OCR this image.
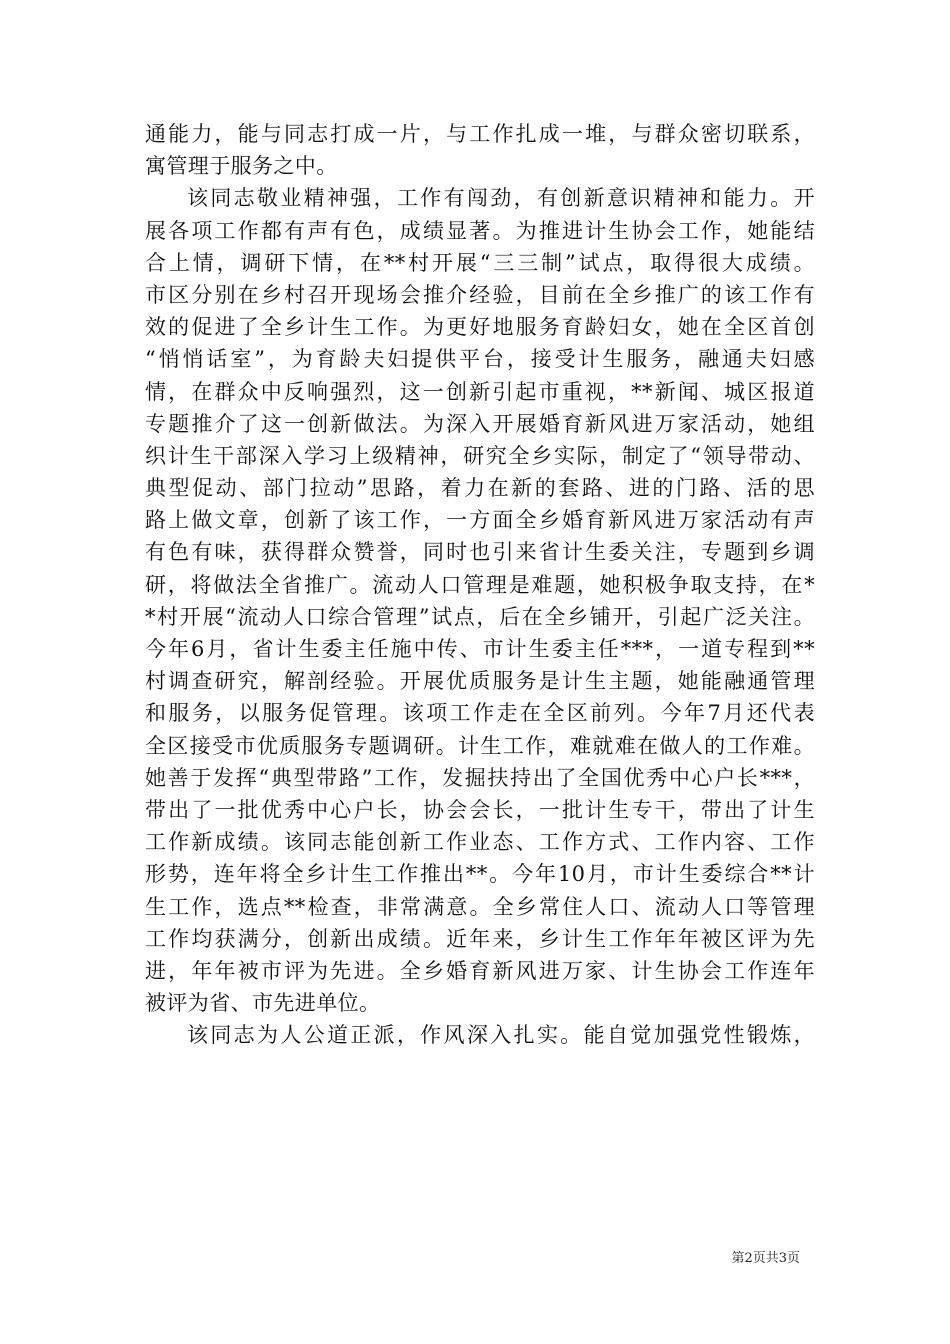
通能力，能与同志打成一片，与工作扎成一堆，与群众密切联系，
寓管理于服务之中。
该同志敬业精神强，工作有闯劲，有创新意识精神和能力。开
展各项工作都有声有色，成绩显著。为推进计生协会工作，她能结
合上情，调研下情，在**村开展“三三制”试点，取得很大成绩。
市区分别在乡村召开现场会推介经验，目前在全乡推广的该工作有
效的促进了全乡计生工作。为更好地服务育龄妇女，她在全区首创
“悄悄话室”，为育龄夫妇提供平台，接受计生服务，融通夫妇感
情，在群众中反响强烈，这一创新引起市重视，**新闻、城区报道
专题推介了这一创新做法。为深入开展婚育新风进万家活动，她组
织计生干部深入学习上级精神，研究全乡实际，制定了“领导带动、
典型促动、部门拉动”思路，着力在新的套路、进的门路、活的思
路上做文章，创新了该工作，一方面全乡婚育新风进万家活动有声
有色有味，获得群众赞誉，同时也引来省计生委关注，专题到乡调
研，将做法全省推广。流动人口管理是难题，她积极争取支持，在*
*村开展“流动人口综合管理”试点，后在全乡铺开，引起广泛关注。
今年6月，省计生委主任施中传、市计生委主任***，一道专程到**
村调查研究，解剖经验。开展优质服务是计生主题，她能融通管理
和服务，以服务促管理。该项工作走在全区前列。今年7月还代表
全区接受市优质服务专题调研。计生工作，难就难在做人的工作难。
她善于发挥“典型带路”工作，发掘扶持出了全国优秀中心户长***，
带出了一批优秀中心户长，协会会长，一批计生专干，带出了计生
工作新成绩。该同志能创新工作业态、工作方式、工作内容、工作
形势，连年将全乡计生工作推出**。今年10月，市计生委综合**计
生工作，选点**检查，非常满意。全乡常住人口、流动人口等管理
工作均获满分，创新出成绩。近年来，乡计生工作年年被区评为先
进，年年被市评为先进。全乡婚育新风进万家、计生协会工作连年
被评为省、市先进单位。
该同志为人公道正派，作风深入扎实。能自觉加强党性锻炼，
第2页共3页
